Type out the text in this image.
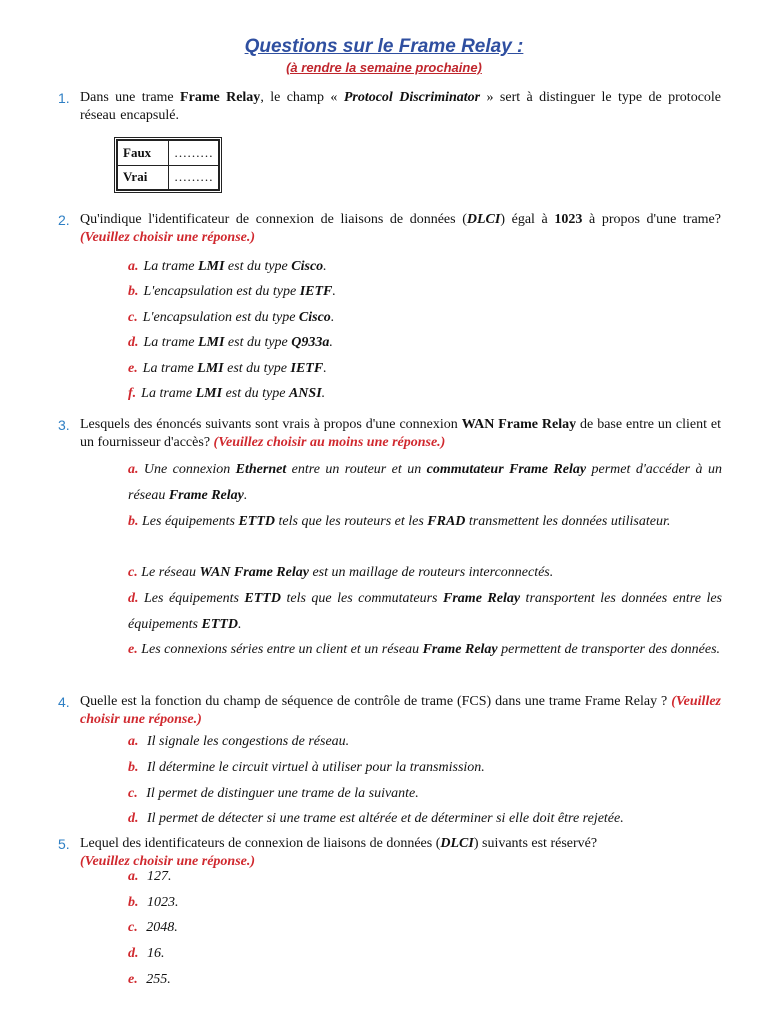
Questions sur le Frame Relay :
(à rendre la semaine prochaine)
1. Dans une trame Frame Relay, le champ « Protocol Discriminator » sert à distinguer le type de protocole réseau encapsulé.
Faux	………
Vrai	………
2. Qu'indique l'identificateur de connexion de liaisons de données (DLCI) égal à 1023 à propos d'une trame? (Veuillez choisir une réponse.)
a. La trame LMI est du type Cisco.
b. L'encapsulation est du type IETF.
c. L'encapsulation est du type Cisco.
d. La trame LMI est du type Q933a.
e. La trame LMI est du type IETF.
f. La trame LMI est du type ANSI.
3. Lesquels des énoncés suivants sont vrais à propos d'une connexion WAN Frame Relay de base entre un client et un fournisseur d'accès? (Veuillez choisir au moins une réponse.)
a. Une connexion Ethernet entre un routeur et un commutateur Frame Relay permet d'accéder à un réseau Frame Relay.
b. Les équipements ETTD tels que les routeurs et les FRAD transmettent les données utilisateur.
c. Le réseau WAN Frame Relay est un maillage de routeurs interconnectés.
d. Les équipements ETTD tels que les commutateurs Frame Relay transportent les données entre les équipements ETTD.
e. Les connexions séries entre un client et un réseau Frame Relay permettent de transporter des données.
4. Quelle est la fonction du champ de séquence de contrôle de trame (FCS) dans une trame Frame Relay ? (Veuillez choisir une réponse.)
a. Il signale les congestions de réseau.
b. Il détermine le circuit virtuel à utiliser pour la transmission.
c. Il permet de distinguer une trame de la suivante.
d. Il permet de détecter si une trame est altérée et de déterminer si elle doit être rejetée.
5. Lequel des identificateurs de connexion de liaisons de données (DLCI) suivants est réservé?
(Veuillez choisir une réponse.)
a. 127.
b. 1023.
c. 2048.
d. 16.
e. 255.
